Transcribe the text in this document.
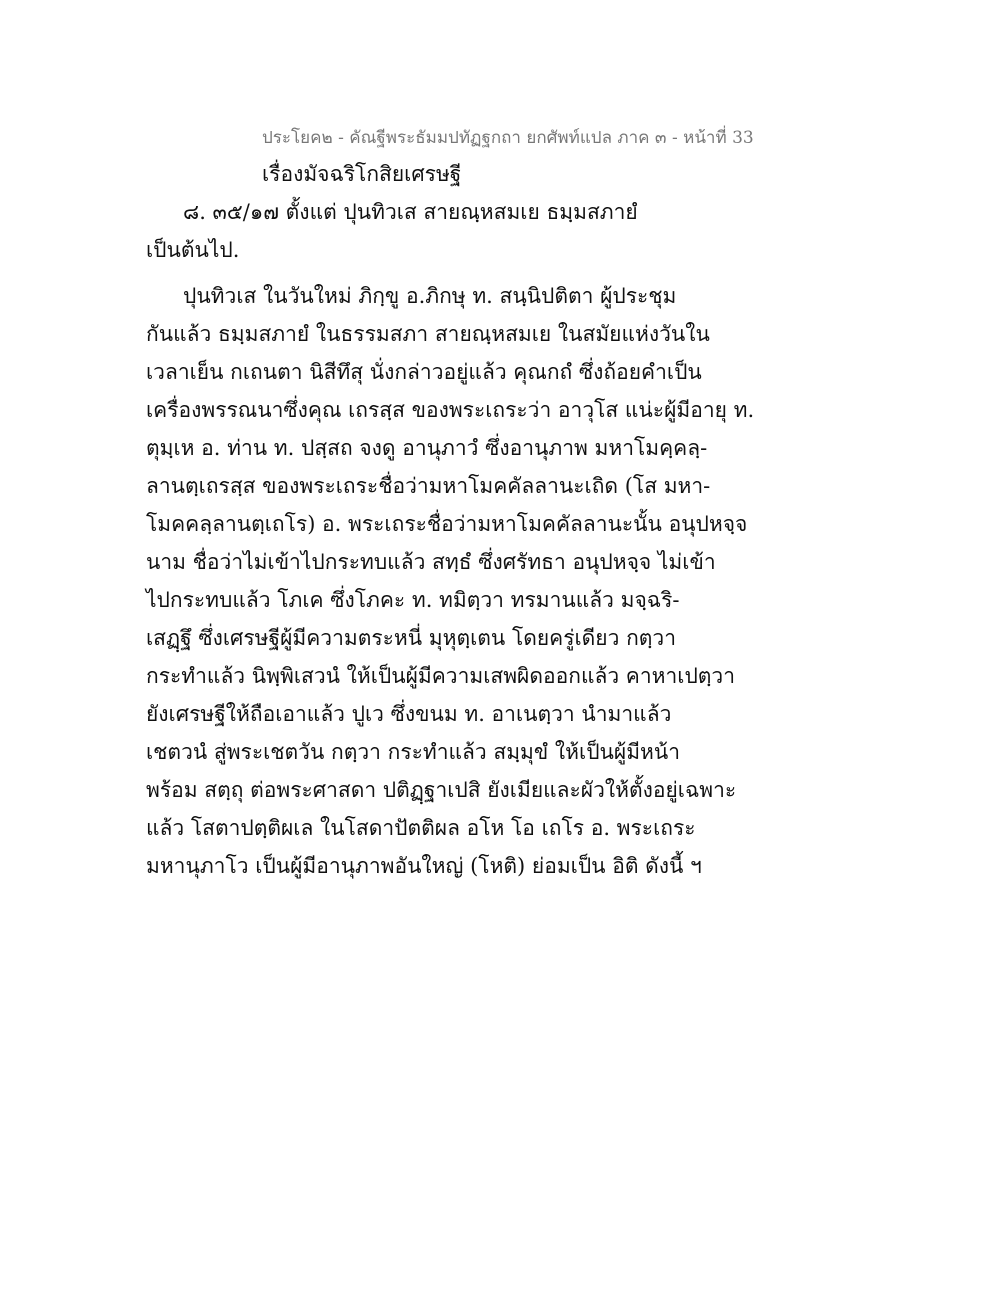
ประโยค๒ - คัณฐีพระธัมมปทัฏฐกถา ยกศัพท์แปล ภาค ๓ - หน้าที่ 33
เรื่องมัจฉริโกสิยเศรษฐี
๘. ๓๕/๑๗ ตั้งแต่ ปุนทิวเส สายณฺหสมเย ธมฺมสภายํ
เป็นต้นไป.
ปุนทิวเส ในวันใหม่ ภิกฺขู อ.ภิกษุ ท. สนฺนิปติตา ผู้ประชุม
กันแล้ว ธมฺมสภายํ ในธรรมสภา สายณฺหสมเย ในสมัยแห่งวันใน
เวลาเย็น กเถนตา นิสีทึสุ นั่งกล่าวอยู่แล้ว คุณกถํ ซึ่งถ้อยคำเป็น
เครื่องพรรณนาซึ่งคุณ เถรสฺส ของพระเถระว่า อาวุโส แน่ะผู้มีอายุ ท.
ตุมฺเห อ. ท่าน ท. ปสฺสถ จงดู อานุภาวํ ซึ่งอานุภาพ มหาโมคฺคลฺ-
ลานตฺเถรสฺส ของพระเถระชื่อว่ามหาโมคคัลลานะเถิด (โส มหา-
โมคคลฺลานตฺเถโร) อ. พระเถระชื่อว่ามหาโมคคัลลานะนั้น อนุปหจฺจ
นาม ชื่อว่าไม่เข้าไปกระทบแล้ว สทฺธํ ซึ่งศรัทธา อนุปหจฺจ ไม่เข้า
ไปกระทบแล้ว โภเค ซึ่งโภคะ ท. ทมิตฺวา ทรมานแล้ว มจฺฉริ-
เสฏฺฐึ ซึ่งเศรษฐีผู้มีความตระหนี่ มุหุตฺเตน โดยครู่เดียว กตฺวา
กระทำแล้ว นิพฺพิเสวนํ ให้เป็นผู้มีความเสพผิดออกแล้ว คาหาเปตฺวา
ยังเศรษฐีให้ถือเอาแล้ว ปูเว ซึ่งขนม ท. อาเนตฺวา นำมาแล้ว
เชตวนํ สู่พระเชตวัน กตฺวา กระทำแล้ว สมฺมุขํ ให้เป็นผู้มีหน้า
พร้อม สตฺถุ ต่อพระศาสดา ปติฏฺฐาเปสิ ยังเมียและผัวให้ตั้งอยู่เฉพาะ
แล้ว โสตาปตฺติผเล ในโสดาปัตติผล อโห โอ เถโร อ. พระเถระ
มหานุภาโว เป็นผู้มีอานุภาพอันใหญ่ (โหติ) ย่อมเป็น อิติ ดังนี้ ฯ
